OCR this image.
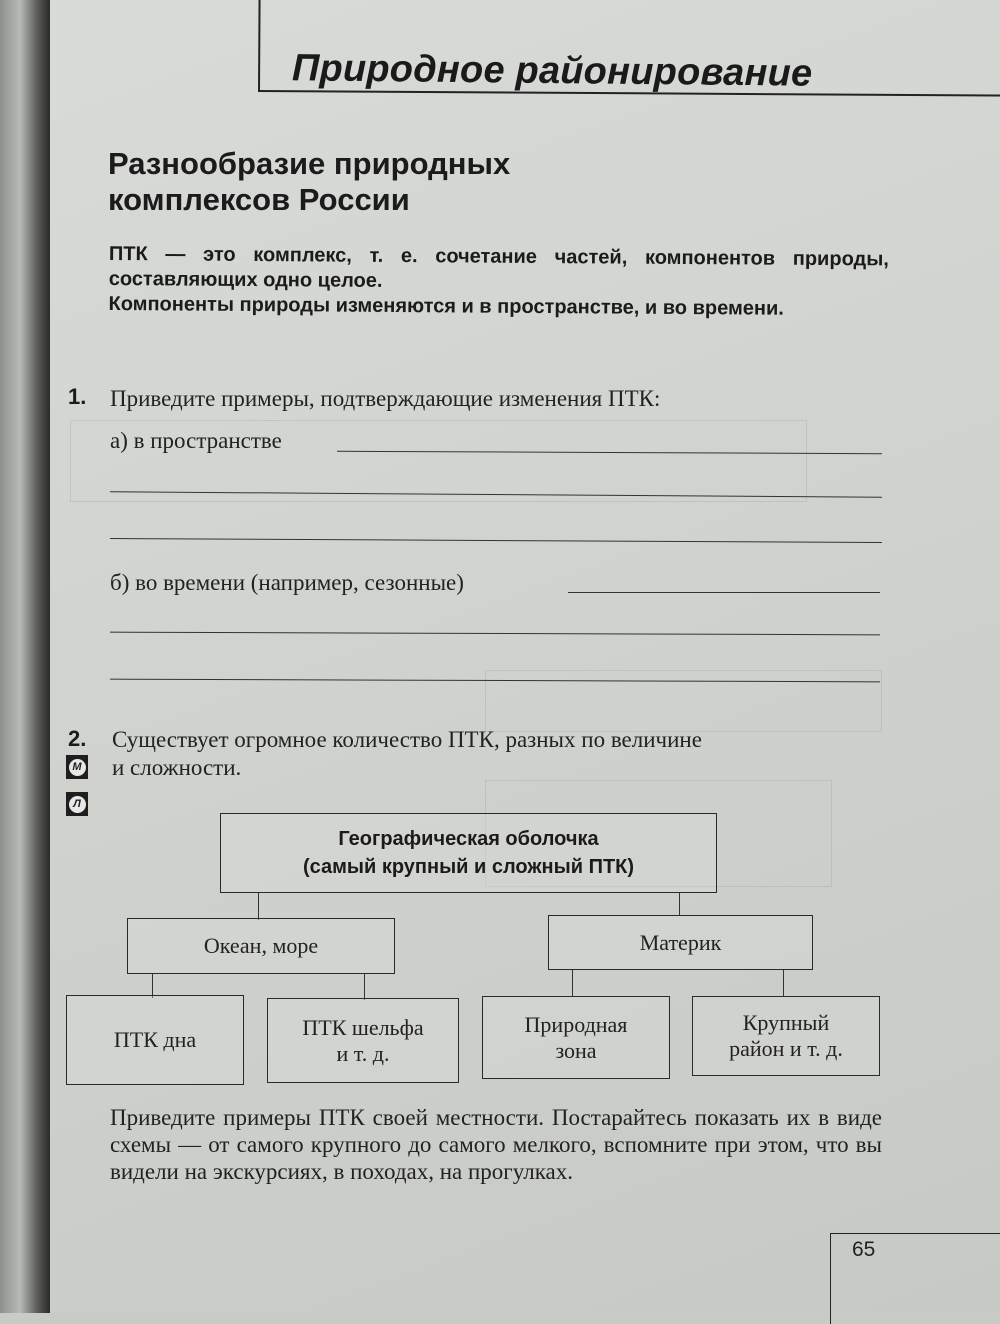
Природное районирование
Разнообразие природных
комплексов России

ПТК — это комплекс, т. е. сочетание частей, компонентов природы, составляющих одно целое.

Компоненты природы изменяются и в пространстве, и во времени.

1. Приведите примеры, подтверждающие изменения ПТК:
а) в пространстве
б) во времени (например, сезонные)
2. Существует огромное количество ПТК, разных по величине
и сложности.
М
Л
Географическая оболочка
(самый крупный и сложный ПТК)
Океан, море	Материк
ПТК дна	ПТК шельфа
и т. д.
Природная
зона
Крупный
район и т. д.

Приведите примеры ПТК своей местности. Постарайтесь показать их в виде схемы — от самого крупного до самого мелкого, вспомните при этом, что вы видели на экскурсиях, в походах, на прогулках.

65
